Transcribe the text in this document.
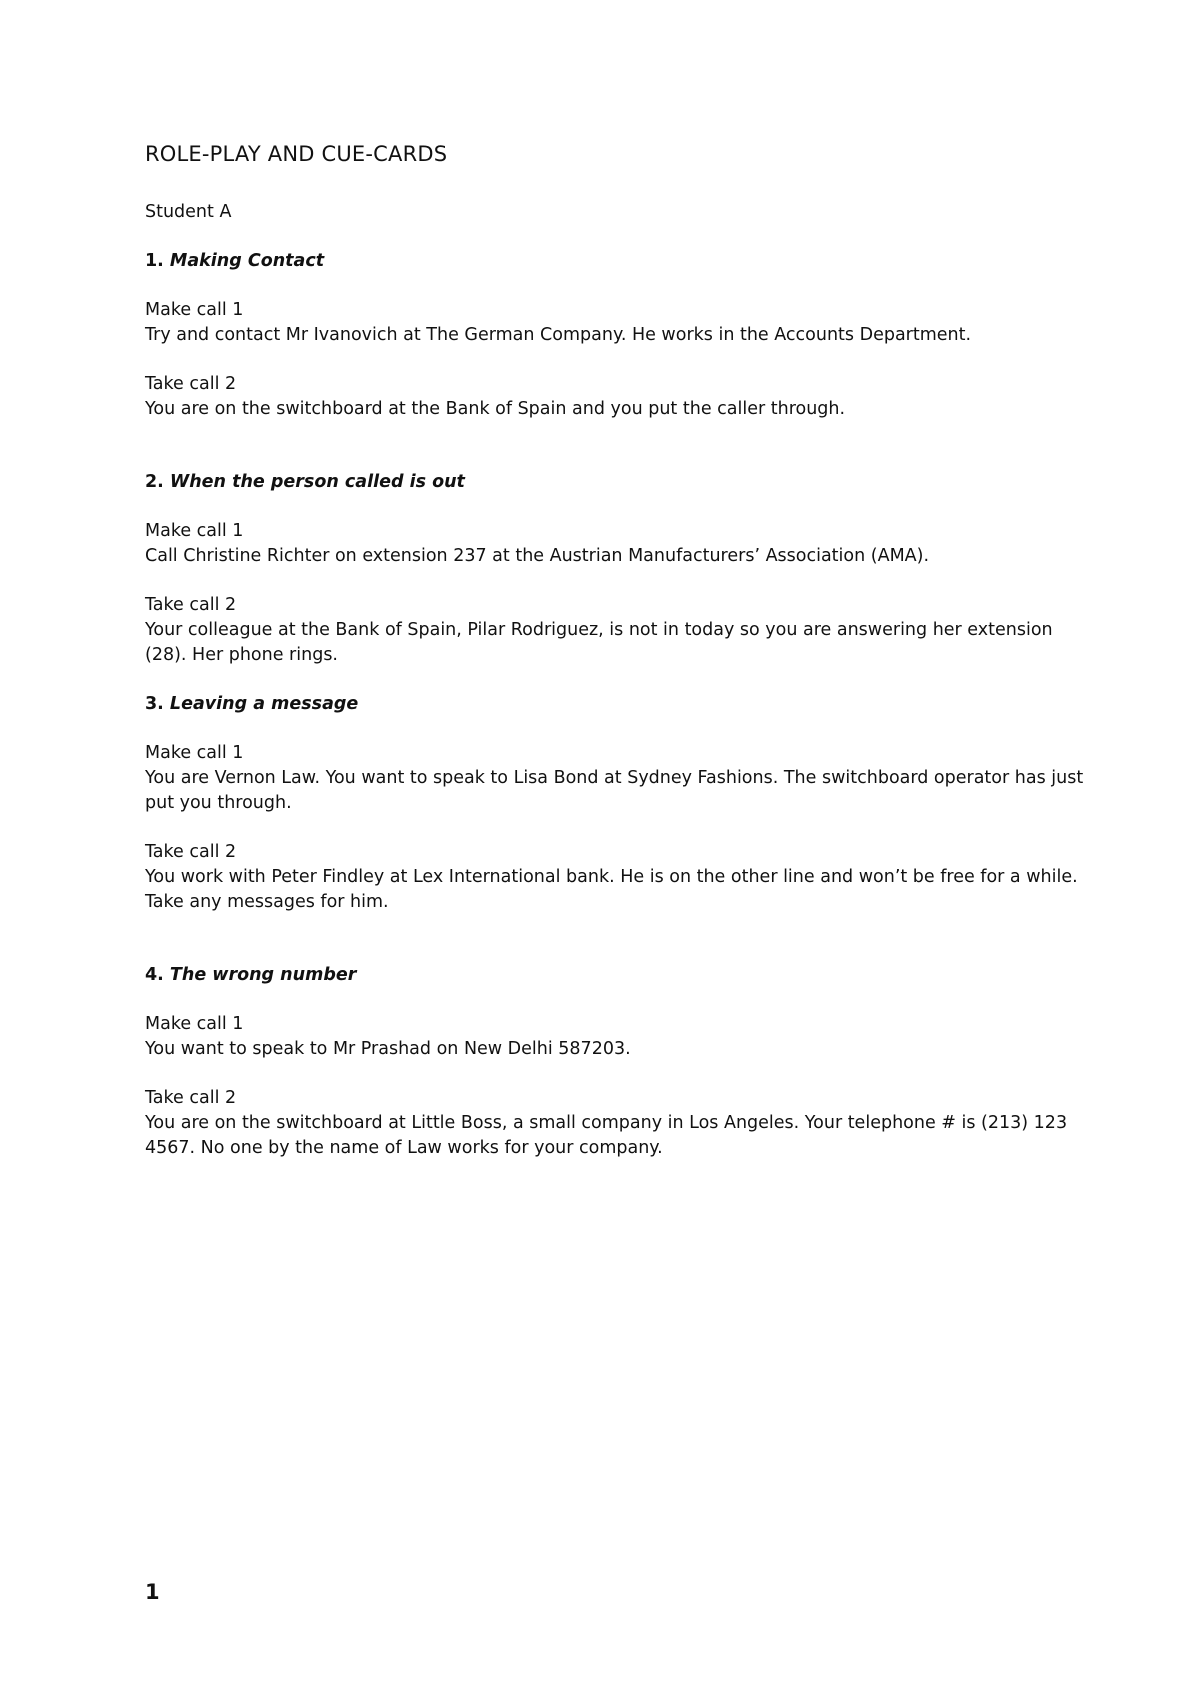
ROLE-PLAY AND CUE-CARDS
Student A
1. Making Contact
Make call 1
Try and contact Mr Ivanovich at The German Company. He works in the Accounts Department.
Take call 2
You are on the switchboard at the Bank of Spain and you put the caller through.
2. When the person called is out
Make call 1
Call Christine Richter on extension 237 at the Austrian Manufacturers’ Association (AMA).
Take call 2
Your colleague at the Bank of Spain, Pilar Rodriguez, is not in today so you are answering her extension (28). Her phone rings.
3. Leaving a message
Make call 1
You are Vernon Law. You want to speak to Lisa Bond at Sydney Fashions. The switchboard operator has just put you through.
Take call 2
You work with Peter Findley at Lex International bank. He is on the other line and won’t be free for a while. Take any messages for him.
4. The wrong number
Make call 1
You want to speak to Mr Prashad on New Delhi 587203.
Take call 2
You are on the switchboard at Little Boss, a small company in Los Angeles. Your telephone # is (213) 123 4567. No one by the name of Law works for your company.
1
